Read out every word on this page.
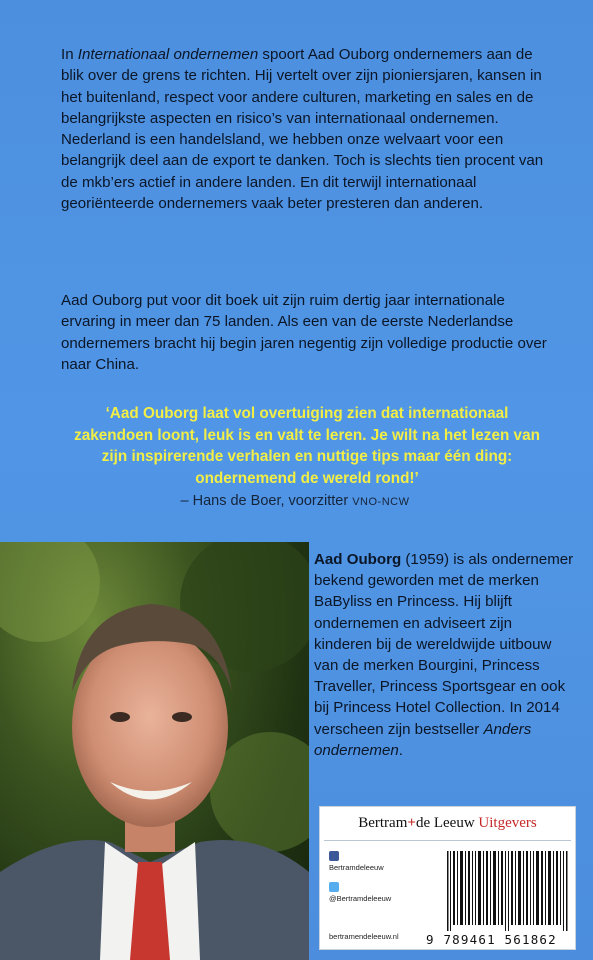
In Internationaal ondernemen spoort Aad Ouborg ondernemers aan de blik over de grens te richten. Hij vertelt over zijn pioniersjaren, kansen in het buitenland, respect voor andere culturen, marketing en sales en de belangrijkste aspecten en risico’s van internationaal ondernemen. Nederland is een handelsland, we hebben onze welvaart voor een belangrijk deel aan de export te danken. Toch is slechts tien procent van de mkb’ers actief in andere landen. En dit terwijl internationaal georiënteerde ondernemers vaak beter presteren dan anderen.

Aad Ouborg put voor dit boek uit zijn ruim dertig jaar internationale ervaring in meer dan 75 landen. Als een van de eerste Nederlandse ondernemers bracht hij begin jaren negentig zijn volledige productie over naar China.

‘Aad Ouborg laat vol overtuiging zien dat internationaal zakendoen loont, leuk is en valt te leren. Je wilt na het lezen van zijn inspirerende verhalen en nuttige tips maar één ding: ondernemend de wereld rond!’
– Hans de Boer, voorzitter VNO-NCW

Aad Ouborg (1959) is als ondernemer bekend geworden met de merken BaByliss en Princess. Hij blijft ondernemen en adviseert zijn kinderen bij de wereldwijde uitbouw van de merken Bourgini, Princess Traveller, Princess Sportsgear en ook bij Princess Hotel Collection. In 2014 verscheen zijn bestseller Anders ondernemen.

Bertram+de Leeuw Uitgevers
Bertramdeleeuw
@Bertramdeleeuw
bertramendeleeuw.nl 9 789461 561862
